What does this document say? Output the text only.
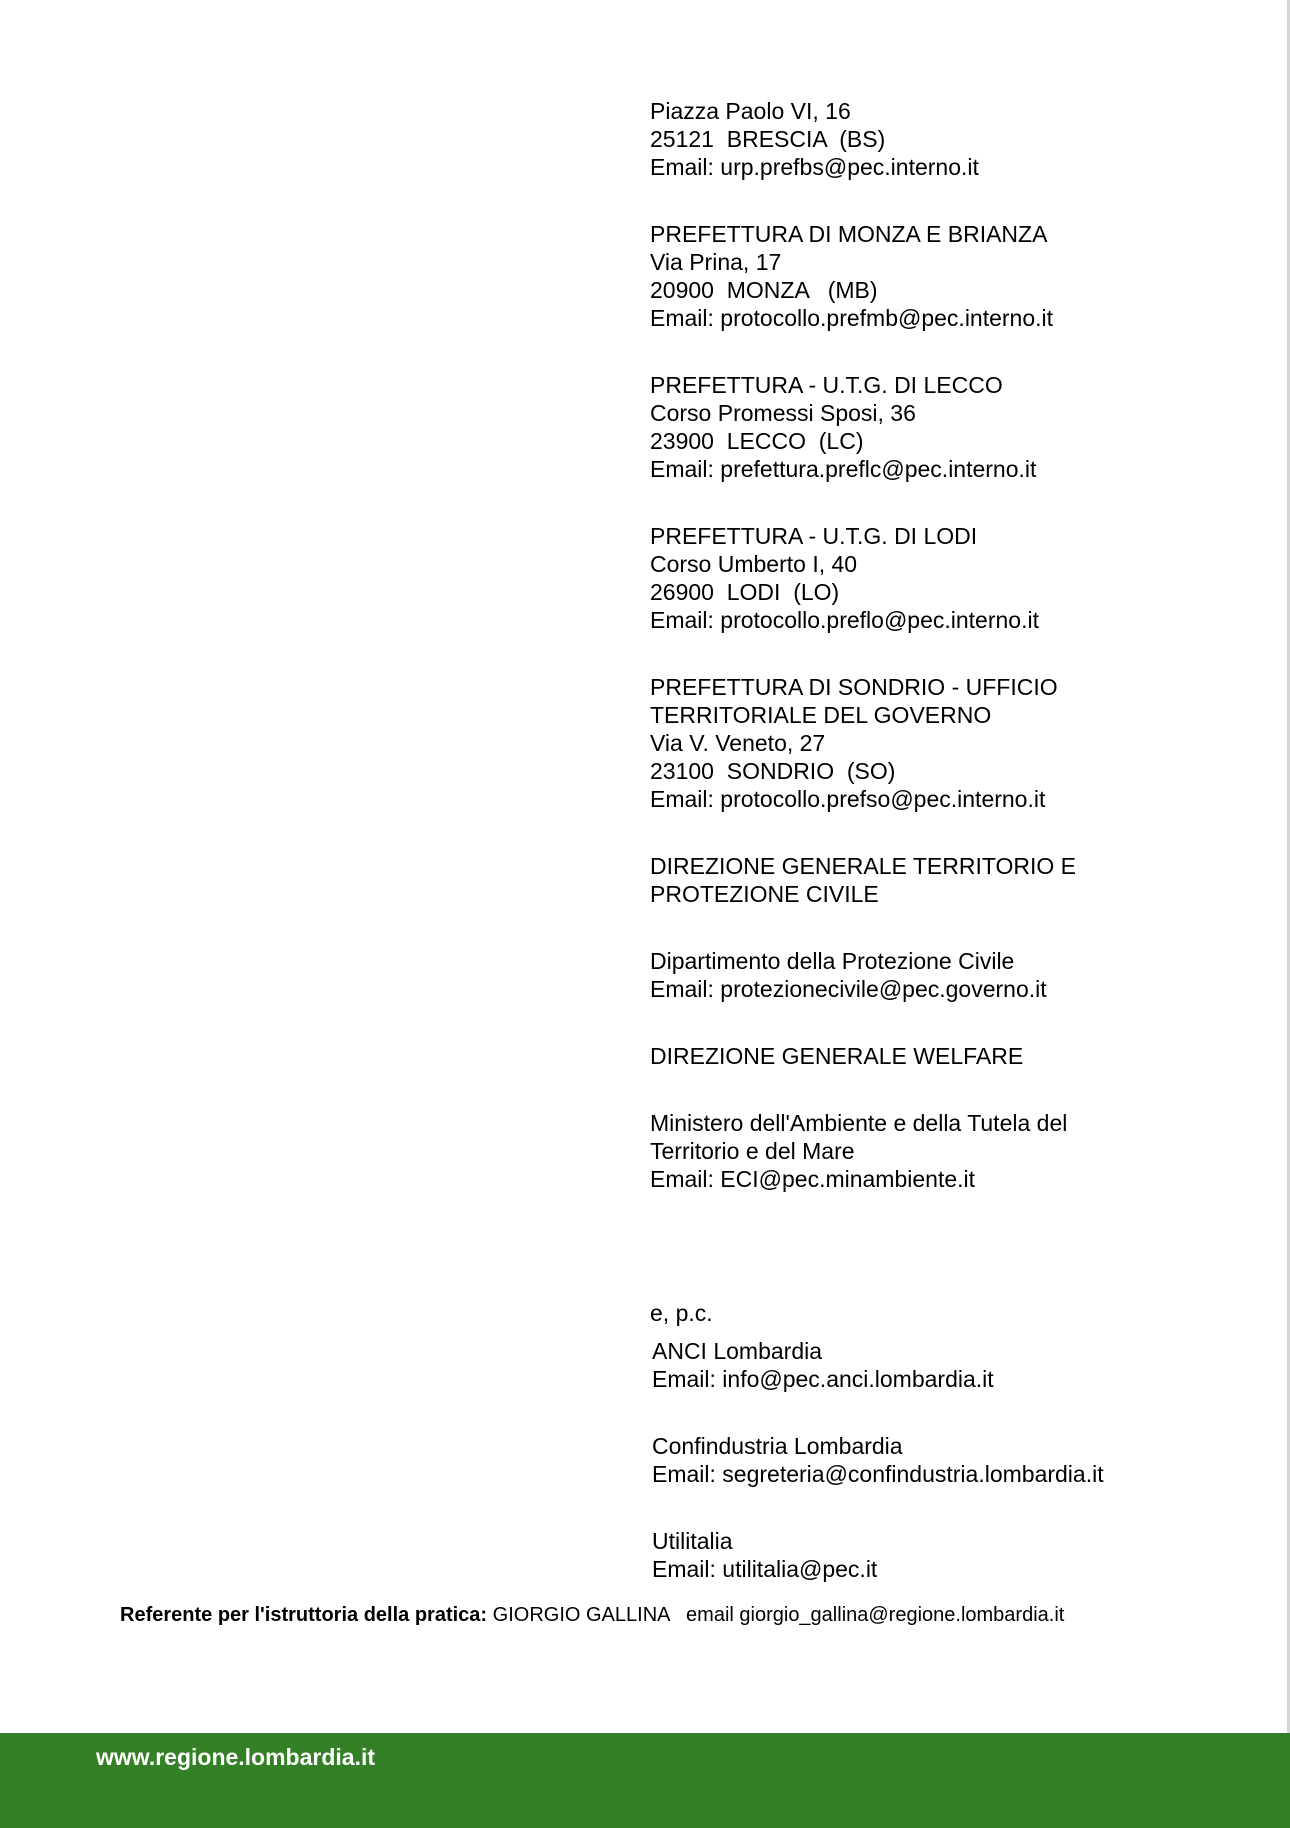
Piazza Paolo VI, 16
25121  BRESCIA  (BS)
Email: urp.prefbs@pec.interno.it
PREFETTURA DI MONZA E BRIANZA
Via Prina, 17
20900  MONZA   (MB)
Email: protocollo.prefmb@pec.interno.it
PREFETTURA - U.T.G. DI LECCO
Corso Promessi Sposi, 36
23900  LECCO  (LC)
Email: prefettura.preflc@pec.interno.it
PREFETTURA - U.T.G. DI LODI
Corso Umberto I, 40
26900  LODI  (LO)
Email: protocollo.preflo@pec.interno.it
PREFETTURA DI SONDRIO - UFFICIO
TERRITORIALE DEL GOVERNO
Via V. Veneto, 27
23100  SONDRIO  (SO)
Email: protocollo.prefso@pec.interno.it
DIREZIONE GENERALE TERRITORIO E
PROTEZIONE CIVILE
Dipartimento della Protezione Civile
Email: protezionecivile@pec.governo.it
DIREZIONE GENERALE WELFARE
Ministero dell'Ambiente e della Tutela del
Territorio e del Mare
Email: ECI@pec.minambiente.it
e, p.c.
ANCI Lombardia
Email: info@pec.anci.lombardia.it
Confindustria Lombardia
Email: segreteria@confindustria.lombardia.it
Utilitalia
Email: utilitalia@pec.it
Referente per l'istruttoria della pratica: GIORGIO GALLINA email giorgio_gallina@regione.lombardia.it
www.regione.lombardia.it
